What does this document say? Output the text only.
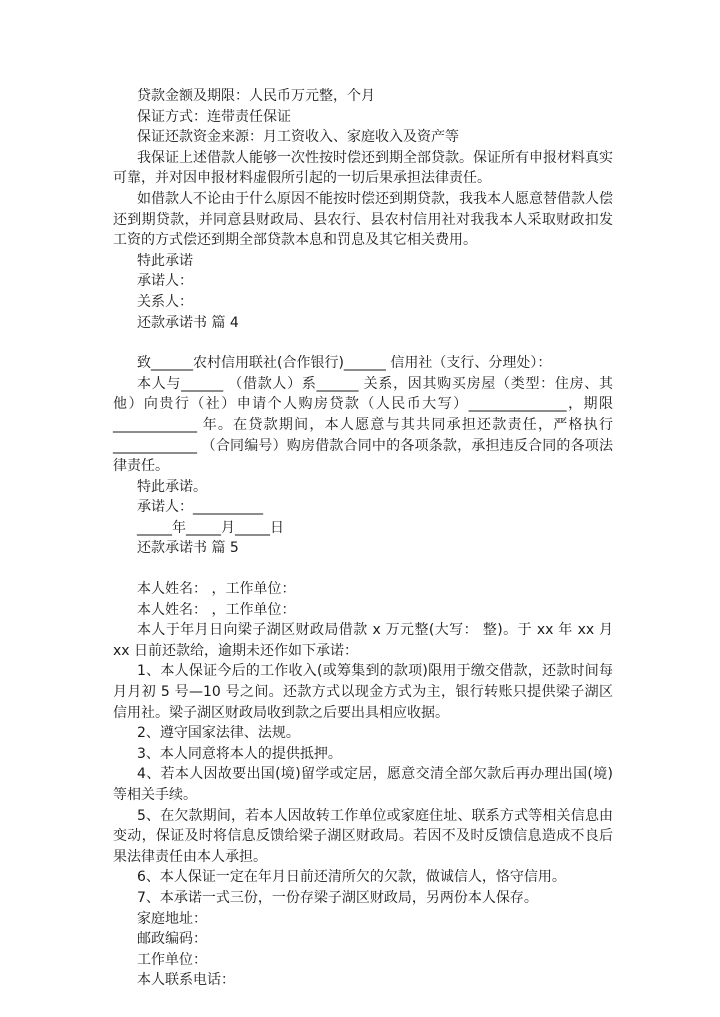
贷款金额及期限：人民币万元整，个月

保证方式：连带责任保证

保证还款资金来源：月工资收入、家庭收入及资产等

我保证上述借款人能够一次性按时偿还到期全部贷款。保证所有申报材料真实可靠，并对因申报材料虚假所引起的一切后果承担法律责任。

如借款人不论由于什么原因不能按时偿还到期贷款，我我本人愿意替借款人偿还到期贷款，并同意县财政局、县农行、县农村信用社对我我本人采取财政扣发工资的方式偿还到期全部贷款本息和罚息及其它相关费用。

特此承诺

承诺人：

关系人：

还款承诺书 篇 4

致______农村信用联社(合作银行)______ 信用社（支行、分理处）：

本人与______ （借款人）系______ 关系，因其购买房屋（类型：住房、其他）向贵行（社）申请个人购房贷款（人民币大写）______________，期限____________ 年。在贷款期间，本人愿意与其共同承担还款责任，严格执行____________ （合同编号）购房借款合同中的各项条款，承担违反合同的各项法律责任。

特此承诺。

承诺人：__________

_____年_____月_____日

还款承诺书 篇 5

本人姓名： ，工作单位：

本人姓名： ，工作单位：

本人于年月日向梁子湖区财政局借款 x 万元整(大写： 整)。于 xx 年 xx 月 xx 日前还款给，逾期未还作如下承诺：

1、本人保证今后的工作收入(或筹集到的款项)限用于缴交借款，还款时间每月月初 5 号—10 号之间。还款方式以现金方式为主，银行转账只提供梁子湖区信用社。梁子湖区财政局收到款之后要出具相应收据。

2、遵守国家法律、法规。

3、本人同意将本人的提供抵押。

4、若本人因故要出国(境)留学或定居，愿意交清全部欠款后再办理出国(境)等相关手续。

5、在欠款期间，若本人因故转工作单位或家庭住址、联系方式等相关信息由变动，保证及时将信息反馈给梁子湖区财政局。若因不及时反馈信息造成不良后果法律责任由本人承担。

6、本人保证一定在年月日前还清所欠的欠款，做诚信人，恪守信用。

7、本承诺一式三份，一份存梁子湖区财政局，另两份本人保存。

家庭地址：

邮政编码：

工作单位：

本人联系电话：
